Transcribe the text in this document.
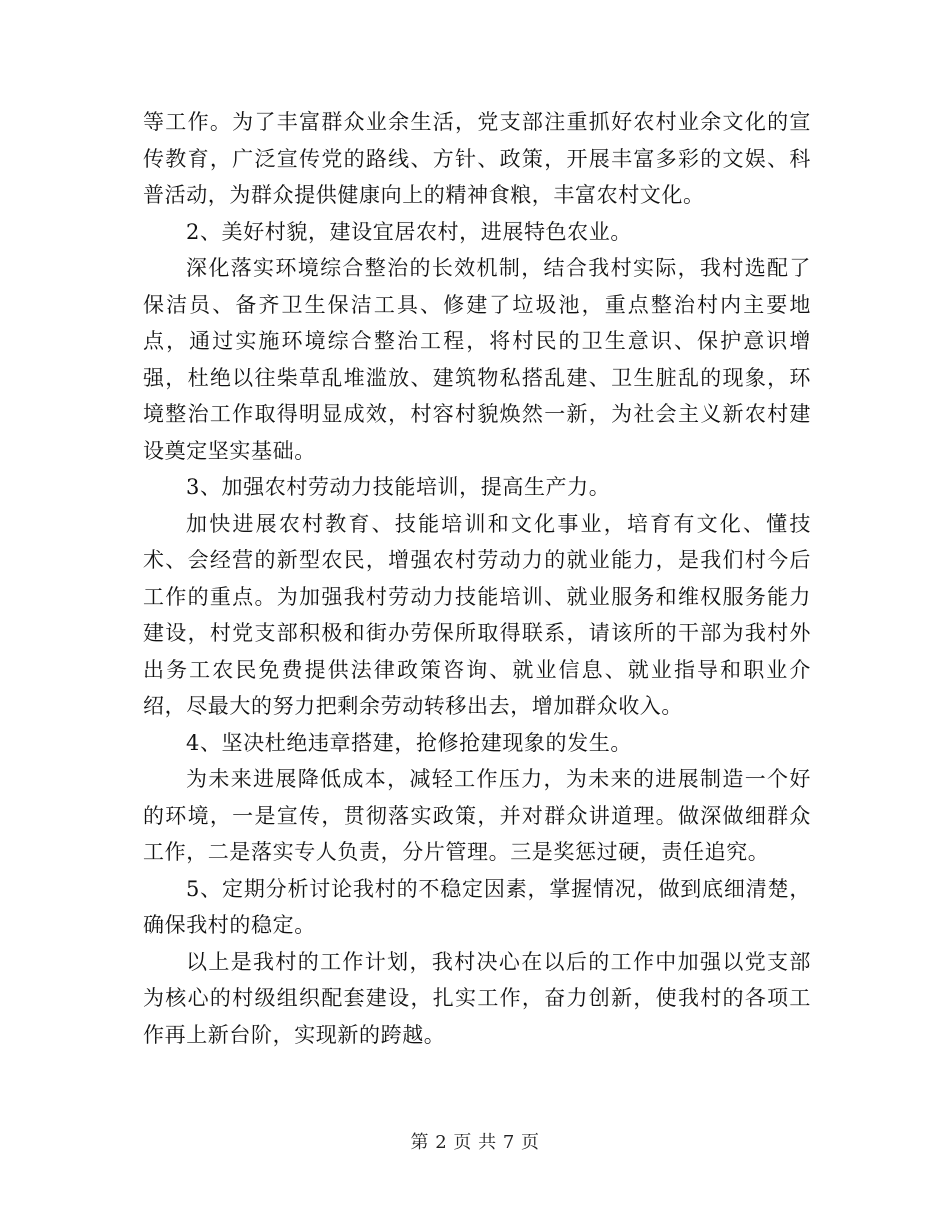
等工作。为了丰富群众业余生活，党支部注重抓好农村业余文化的宣传教育，广泛宣传党的路线、方针、政策，开展丰富多彩的文娱、科普活动，为群众提供健康向上的精神食粮，丰富农村文化。

2、美好村貌，建设宜居农村，进展特色农业。

深化落实环境综合整治的长效机制，结合我村实际，我村选配了保洁员、备齐卫生保洁工具、修建了垃圾池，重点整治村内主要地点，通过实施环境综合整治工程，将村民的卫生意识、保护意识增强，杜绝以往柴草乱堆滥放、建筑物私搭乱建、卫生脏乱的现象，环境整治工作取得明显成效，村容村貌焕然一新，为社会主义新农村建设奠定坚实基础。

3、加强农村劳动力技能培训，提高生产力。

加快进展农村教育、技能培训和文化事业，培育有文化、懂技术、会经营的新型农民，增强农村劳动力的就业能力，是我们村今后工作的重点。为加强我村劳动力技能培训、就业服务和维权服务能力建设，村党支部积极和街办劳保所取得联系，请该所的干部为我村外出务工农民免费提供法律政策咨询、就业信息、就业指导和职业介绍，尽最大的努力把剩余劳动转移出去，增加群众收入。

4、坚决杜绝违章搭建，抢修抢建现象的发生。

为未来进展降低成本，减轻工作压力，为未来的进展制造一个好的环境，一是宣传，贯彻落实政策，并对群众讲道理。做深做细群众工作，二是落实专人负责，分片管理。三是奖惩过硬，责任追究。

5、定期分析讨论我村的不稳定因素，掌握情况，做到底细清楚，确保我村的稳定。

以上是我村的工作计划，我村决心在以后的工作中加强以党支部为核心的村级组织配套建设，扎实工作，奋力创新，使我村的各项工作再上新台阶，实现新的跨越。

第 2 页 共 7 页
